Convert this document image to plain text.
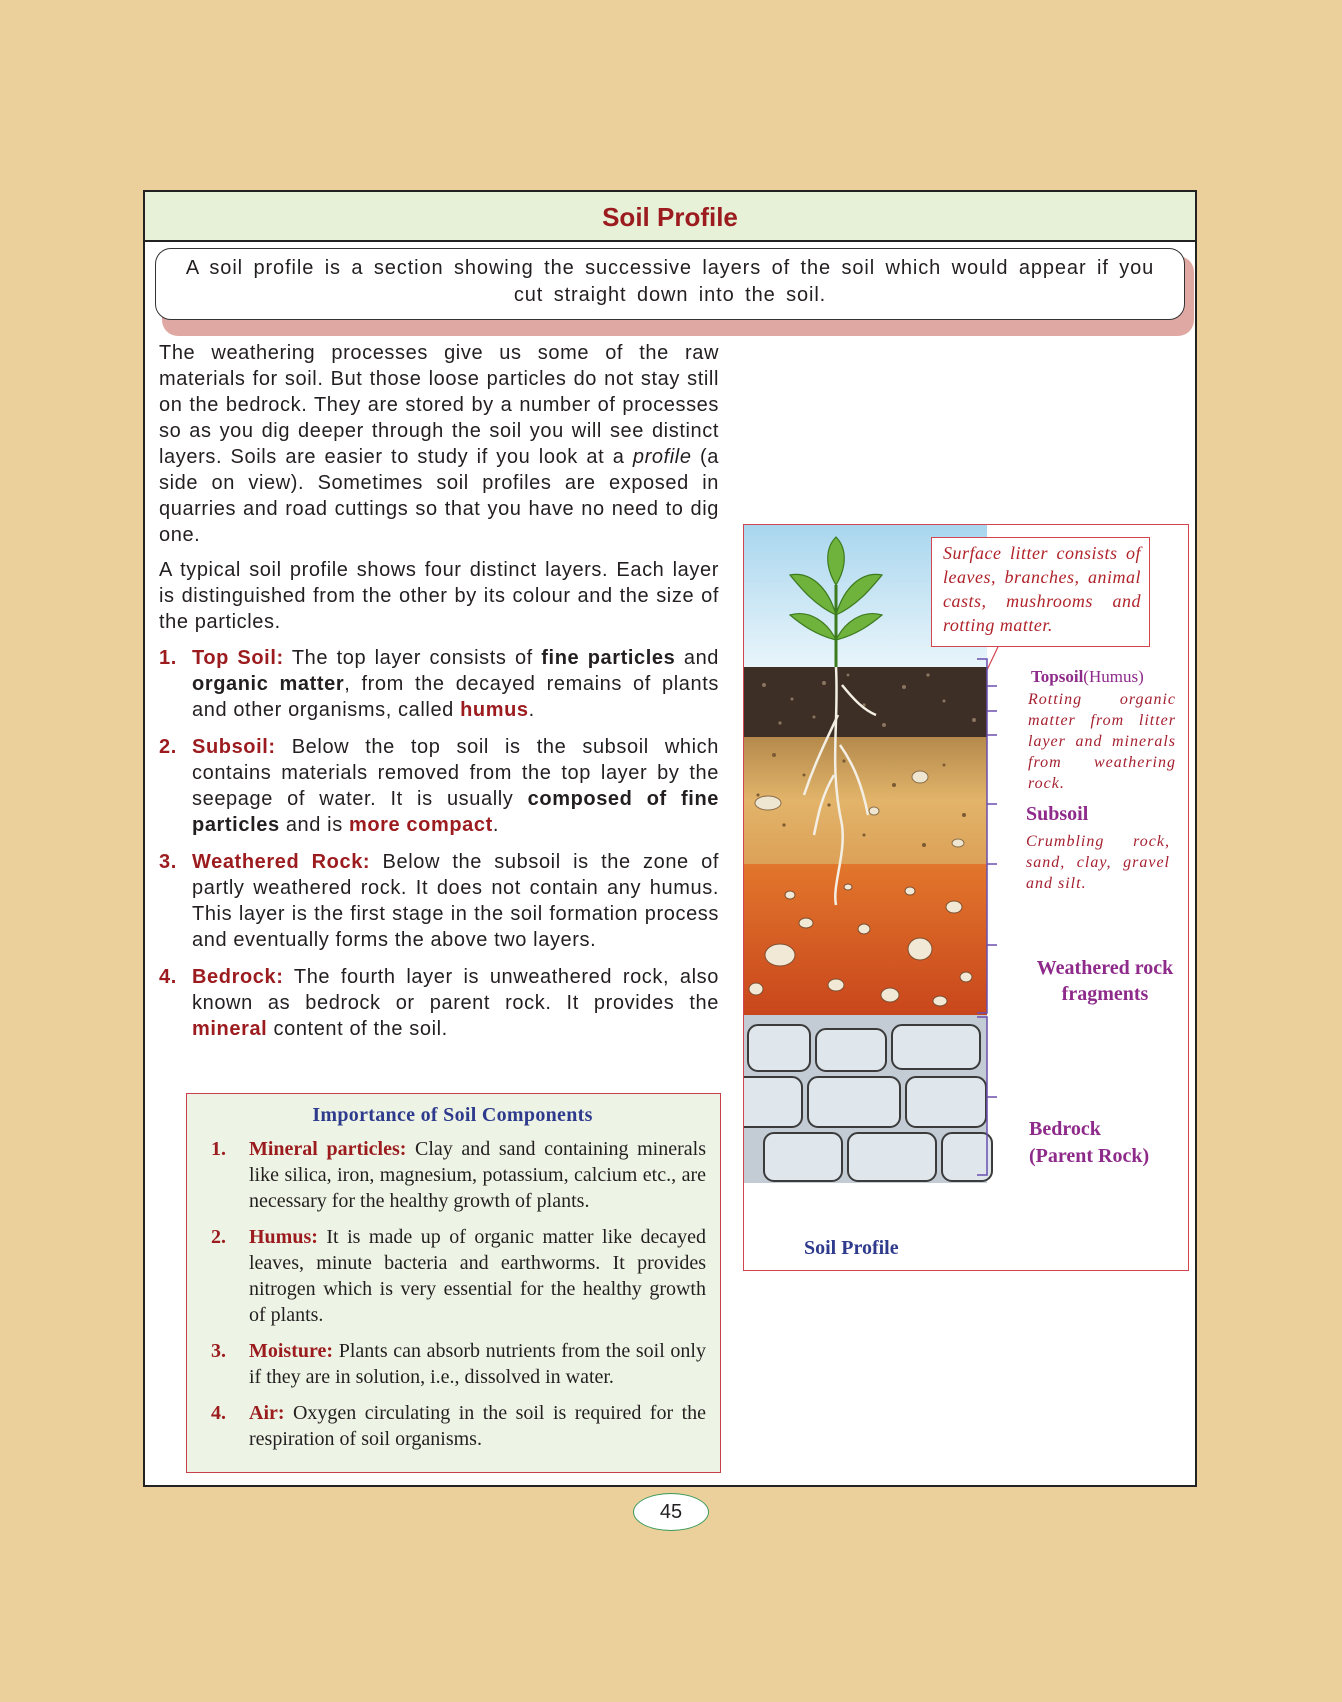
Soil Profile
A soil profile is a section showing the successive layers of the soil which would appear if you cut straight down into the soil.

The weathering processes give us some of the raw materials for soil. But those loose particles do not stay still on the bedrock. They are stored by a number of processes so as you dig deeper through the soil you will see distinct layers. Soils are easier to study if you look at a profile (a side on view). Sometimes soil profiles are exposed in quarries and road cuttings so that you have no need to dig one.

A typical soil profile shows four distinct layers. Each layer is distinguished from the other by its colour and the size of the particles.

1. Top Soil: The top layer consists of fine particles and organic matter, from the decayed remains of plants and other organisms, called humus.
2. Subsoil: Below the top soil is the subsoil which contains materials removed from the top layer by the seepage of water. It is usually composed of fine particles and is more compact.
3. Weathered Rock: Below the subsoil is the zone of partly weathered rock. It does not contain any humus. This layer is the first stage in the soil formation process and eventually forms the above two layers.
4. Bedrock: The fourth layer is unweathered rock, also known as bedrock or parent rock. It provides the mineral content of the soil.
Importance of Soil Components
1. Mineral particles: Clay and sand containing minerals like silica, iron, magnesium, potassium, calcium etc., are necessary for the healthy growth of plants.
2. Humus: It is made up of organic matter like decayed leaves, minute bacteria and earthworms. It provides nitrogen which is very essential for the healthy growth of plants.
3. Moisture: Plants can absorb nutrients from the soil only if they are in solution, i.e., dissolved in water.
4. Air: Oxygen circulating in the soil is required for the respiration of soil organisms.
Surface litter consists of leaves, branches, animal casts, mushrooms and rotting matter.
Topsoil(Humus)
Rotting organic matter from litter layer and minerals from weathering rock.
Subsoil
Crumbling rock, sand, clay, gravel and silt.
Weathered rock
fragments
Bedrock
(Parent Rock)
Soil Profile
45
